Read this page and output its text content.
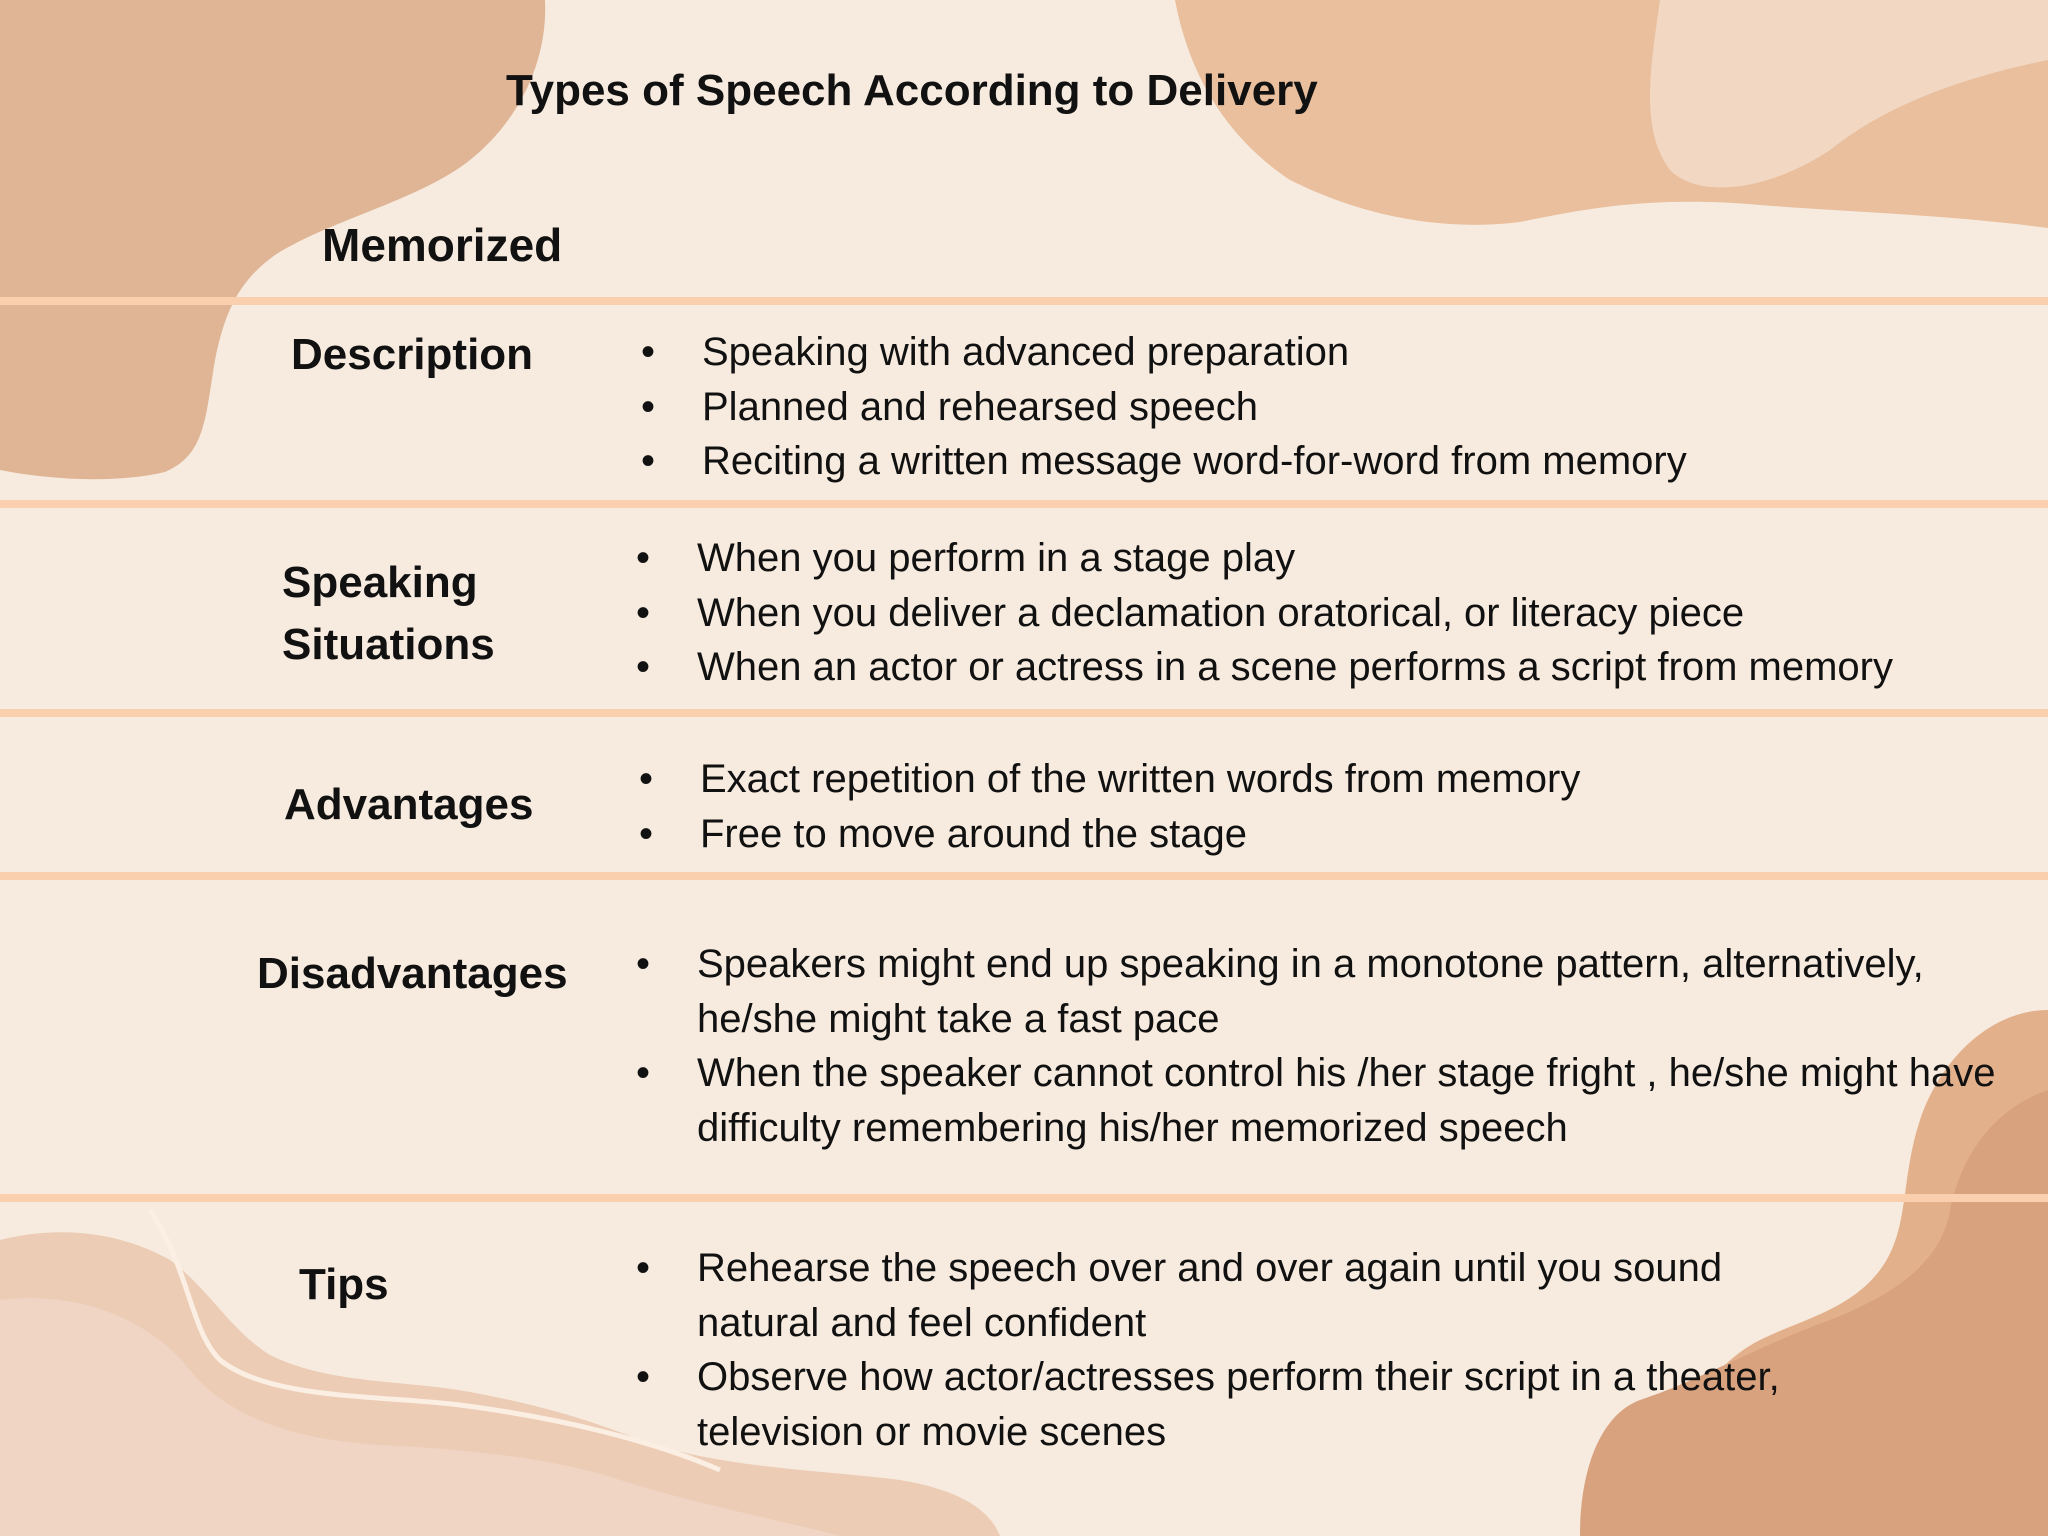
Types of Speech According to Delivery
Memorized
Description	• Speaking with advanced preparation
• Planned and rehearsed speech
• Reciting a written message word-for-word from memory
Speaking Situations
• When you perform in a stage play
• When you deliver a declamation oratorical, or literacy piece
• When an actor or actress in a scene performs a script from memory
Advantages
• Exact repetition of the written words from memory
• Free to move around the stage
Disadvantages • Speakers might end up speaking in a monotone pattern, alternatively, he/she might take a fast pace
• When the speaker cannot control his /her stage fright , he/she might have difficulty remembering his/her memorized speech
Tips	• Rehearse the speech over and over again until you sound natural and feel confident
• Observe how actor/actresses perform their script in a theater, television or movie scenes
